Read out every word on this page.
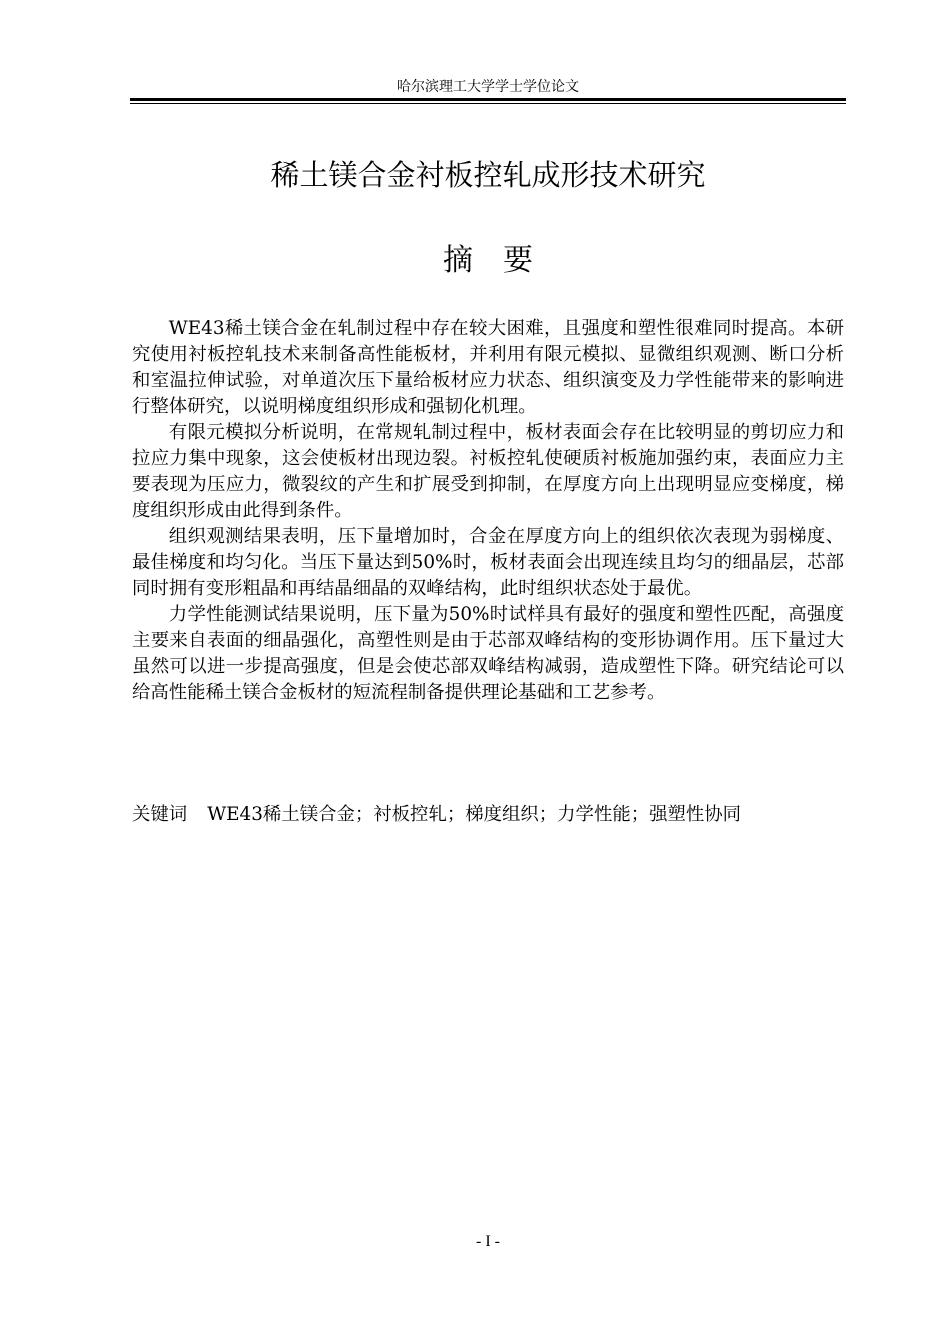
哈尔滨理工大学学士学位论文
稀土镁合金衬板控轧成形技术研究
摘要

WE43稀土镁合金在轧制过程中存在较大困难，且强度和塑性很难同时提高。本研究使用衬板控轧技术来制备高性能板材，并利用有限元模拟、显微组织观测、断口分析和室温拉伸试验，对单道次压下量给板材应力状态、组织演变及力学性能带来的影响进行整体研究，以说明梯度组织形成和强韧化机理。

有限元模拟分析说明，在常规轧制过程中，板材表面会存在比较明显的剪切应力和拉应力集中现象，这会使板材出现边裂。衬板控轧使硬质衬板施加强约束，表面应力主要表现为压应力，微裂纹的产生和扩展受到抑制，在厚度方向上出现明显应变梯度，梯度组织形成由此得到条件。

组织观测结果表明，压下量增加时，合金在厚度方向上的组织依次表现为弱梯度、最佳梯度和均匀化。当压下量达到50%时，板材表面会出现连续且均匀的细晶层，芯部同时拥有变形粗晶和再结晶细晶的双峰结构，此时组织状态处于最优。

力学性能测试结果说明，压下量为50%时试样具有最好的强度和塑性匹配，高强度主要来自表面的细晶强化，高塑性则是由于芯部双峰结构的变形协调作用。压下量过大虽然可以进一步提高强度，但是会使芯部双峰结构减弱，造成塑性下降。研究结论可以给高性能稀土镁合金板材的短流程制备提供理论基础和工艺参考。

关键词 WE43稀土镁合金；衬板控轧；梯度组织；力学性能；强塑性协同
- I -
